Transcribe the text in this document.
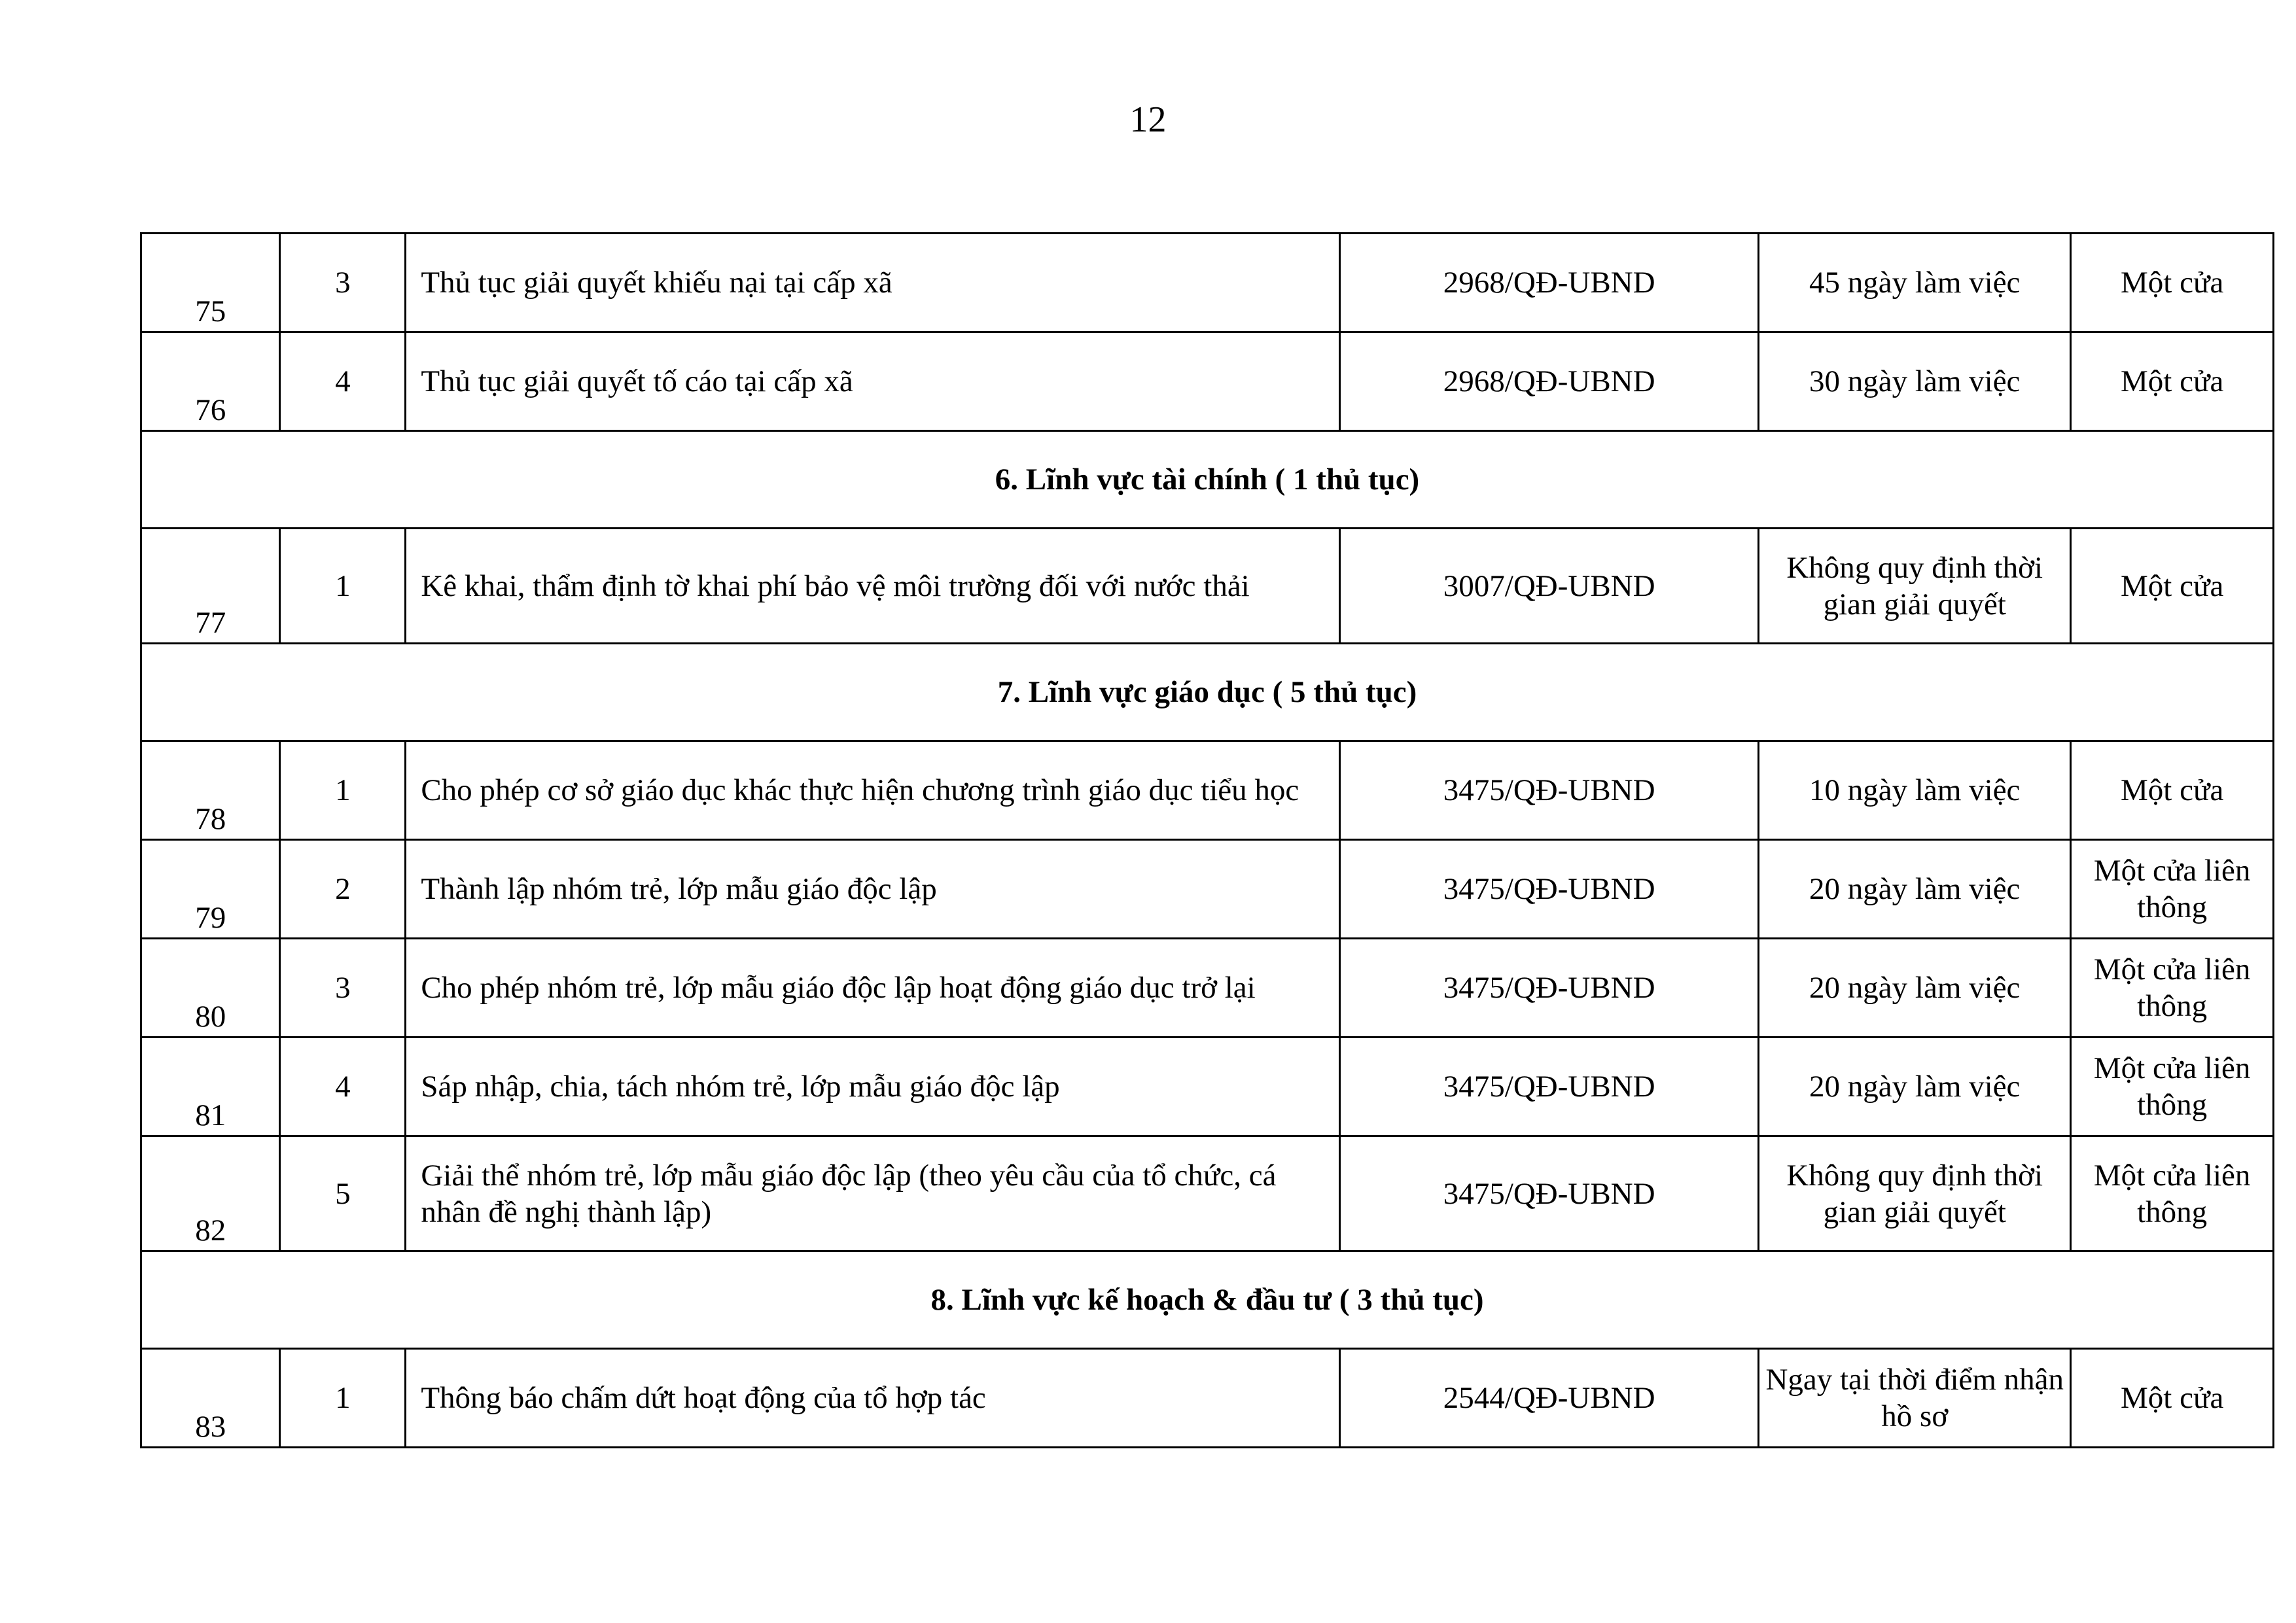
12
75	3	Thủ tục giải quyết khiếu nại tại cấp xã	2968/QĐ-UBND	45 ngày làm việc	Một cửa
76	4	Thủ tục giải quyết tố cáo tại cấp xã	2968/QĐ-UBND	30 ngày làm việc	Một cửa
6. Lĩnh vực tài chính ( 1 thủ tục)					
77	1	Kê khai, thẩm định tờ khai phí bảo vệ môi trường đối với nước thải	3007/QĐ-UBND	Không quy định thời gian giải quyết	Một cửa
7. Lĩnh vực giáo dục ( 5 thủ tục)					
78	1	Cho phép cơ sở giáo dục khác thực hiện chương trình giáo dục tiểu học	3475/QĐ-UBND	10 ngày làm việc	Một cửa
79	2	Thành lập nhóm trẻ, lớp mẫu giáo độc lập	3475/QĐ-UBND	20 ngày làm việc	Một cửa liên thông
80	3	Cho phép nhóm trẻ, lớp mẫu giáo độc lập hoạt động giáo dục trở lại	3475/QĐ-UBND	20 ngày làm việc	Một cửa liên thông
81	4	Sáp nhập, chia, tách nhóm trẻ, lớp mẫu giáo độc lập	3475/QĐ-UBND	20 ngày làm việc	Một cửa liên thông
82	5	Giải thể nhóm trẻ, lớp mẫu giáo độc lập (theo yêu cầu của tổ chức, cá nhân đề nghị thành lập)	3475/QĐ-UBND	Không quy định thời gian giải quyết	Một cửa liên thông
8. Lĩnh vực kế hoạch & đầu tư ( 3 thủ tục)					
83	1	Thông báo chấm dứt hoạt động của tổ hợp tác	2544/QĐ-UBND	Ngay tại thời điểm nhận hồ sơ	Một cửa
